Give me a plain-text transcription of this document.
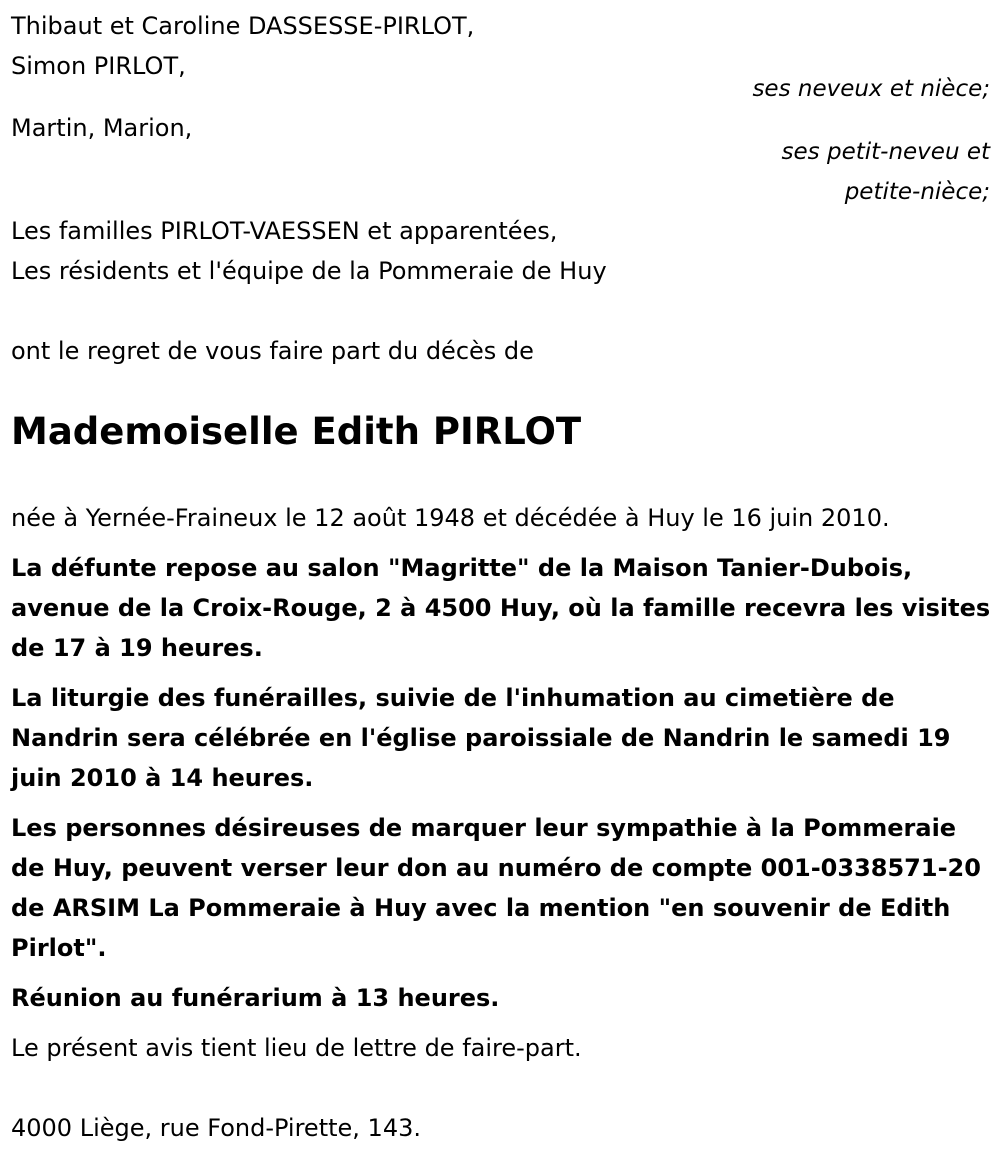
Thibaut et Caroline DASSESSE-PIRLOT,
Simon PIRLOT,
ses neveux et nièce;
Martin, Marion,
ses petit-neveu et
petite-nièce;
Les familles PIRLOT-VAESSEN et apparentées,
Les résidents et l'équipe de la Pommeraie de Huy
ont le regret de vous faire part du décès de
Mademoiselle Edith PIRLOT
née à Yernée-Fraineux le 12 août 1948 et décédée à Huy le 16 juin 2010.
La défunte repose au salon "Magritte" de la Maison Tanier-Dubois, avenue de la Croix-Rouge, 2 à 4500 Huy, où la famille recevra les visites de 17 à 19 heures.
La liturgie des funérailles, suivie de l'inhumation au cimetière de Nandrin sera célébrée en l'église paroissiale de Nandrin le samedi 19 juin 2010 à 14 heures.
Les personnes désireuses de marquer leur sympathie à la Pommeraie de Huy, peuvent verser leur don au numéro de compte 001-0338571-20 de ARSIM La Pommeraie à Huy avec la mention "en souvenir de Edith Pirlot".
Réunion au funérarium à 13 heures.
Le présent avis tient lieu de lettre de faire-part.
4000 Liège, rue Fond-Pirette, 143.
